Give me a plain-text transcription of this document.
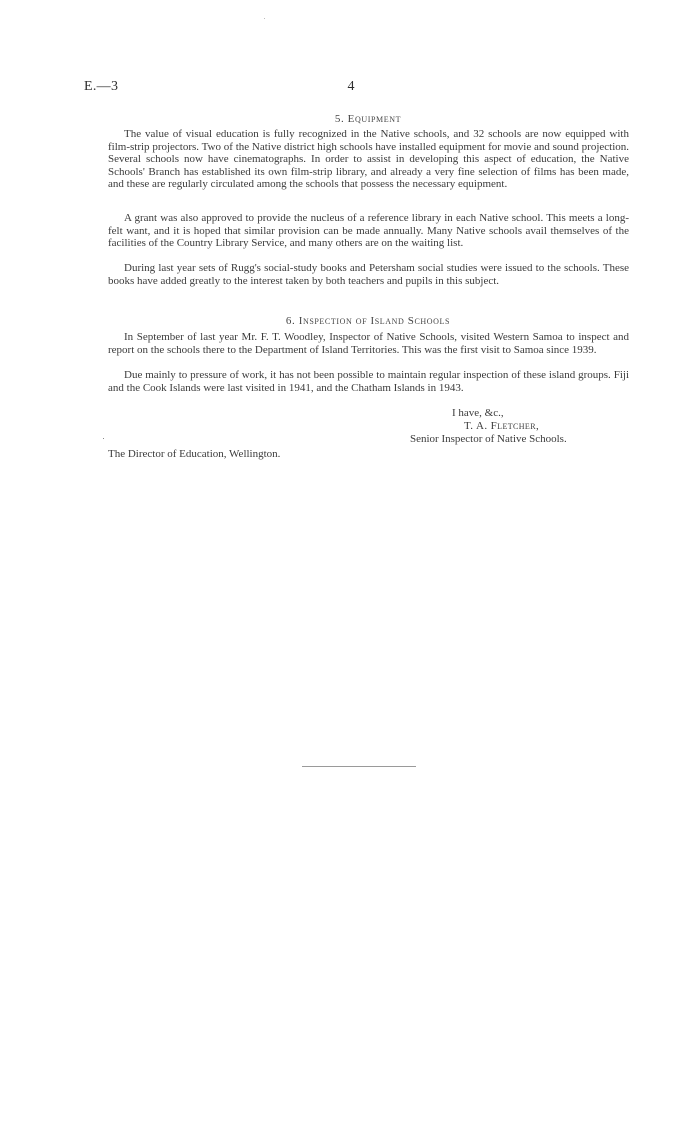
E.—3	4
5. Equipment
The value of visual education is fully recognized in the Native schools, and 32 schools are now equipped with film-strip projectors. Two of the Native district high schools have installed equipment for movie and sound projection. Several schools now have cinematographs. In order to assist in developing this aspect of education, the Native Schools' Branch has established its own film-strip library, and already a very fine selection of films has been made, and these are regularly circulated among the schools that possess the necessary equipment.
A grant was also approved to provide the nucleus of a reference library in each Native school. This meets a long-felt want, and it is hoped that similar provision can be made annually. Many Native schools avail themselves of the facilities of the Country Library Service, and many others are on the waiting list.
During last year sets of Rugg's social-study books and Petersham social studies were issued to the schools. These books have added greatly to the interest taken by both teachers and pupils in this subject.
6. Inspection of Island Schools
In September of last year Mr. F. T. Woodley, Inspector of Native Schools, visited Western Samoa to inspect and report on the schools there to the Department of Island Territories. This was the first visit to Samoa since 1939.
Due mainly to pressure of work, it has not been possible to maintain regular inspection of these island groups. Fiji and the Cook Islands were last visited in 1941, and the Chatham Islands in 1943.
I have, &c.,
T. A. Fletcher,
Senior Inspector of Native Schools.
The Director of Education, Wellington.
